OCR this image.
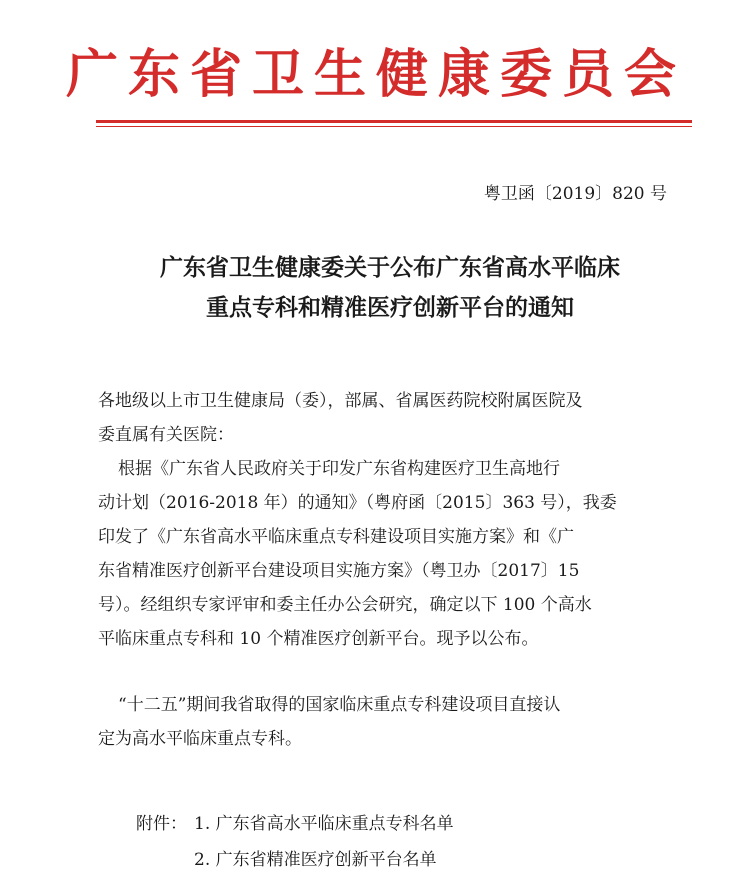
广东省卫生健康委员会
粤卫函〔2019〕820 号
广东省卫生健康委关于公布广东省高水平临床
重点专科和精准医疗创新平台的通知
各地级以上市卫生健康局（委），部属、省属医药院校附属医院及
委直属有关医院：
根据《广东省人民政府关于印发广东省构建医疗卫生高地行
动计划（2016-2018 年）的通知》（粤府函〔2015〕363 号），我委
印发了《广东省高水平临床重点专科建设项目实施方案》和《广
东省精准医疗创新平台建设项目实施方案》（粤卫办〔2017〕15
号）。经组织专家评审和委主任办公会研究，确定以下 100 个高水
平临床重点专科和 10 个精准医疗创新平台。现予以公布。
“十二五”期间我省取得的国家临床重点专科建设项目直接认
定为高水平临床重点专科。
附件： 1. 广东省高水平临床重点专科名单
2. 广东省精准医疗创新平台名单
